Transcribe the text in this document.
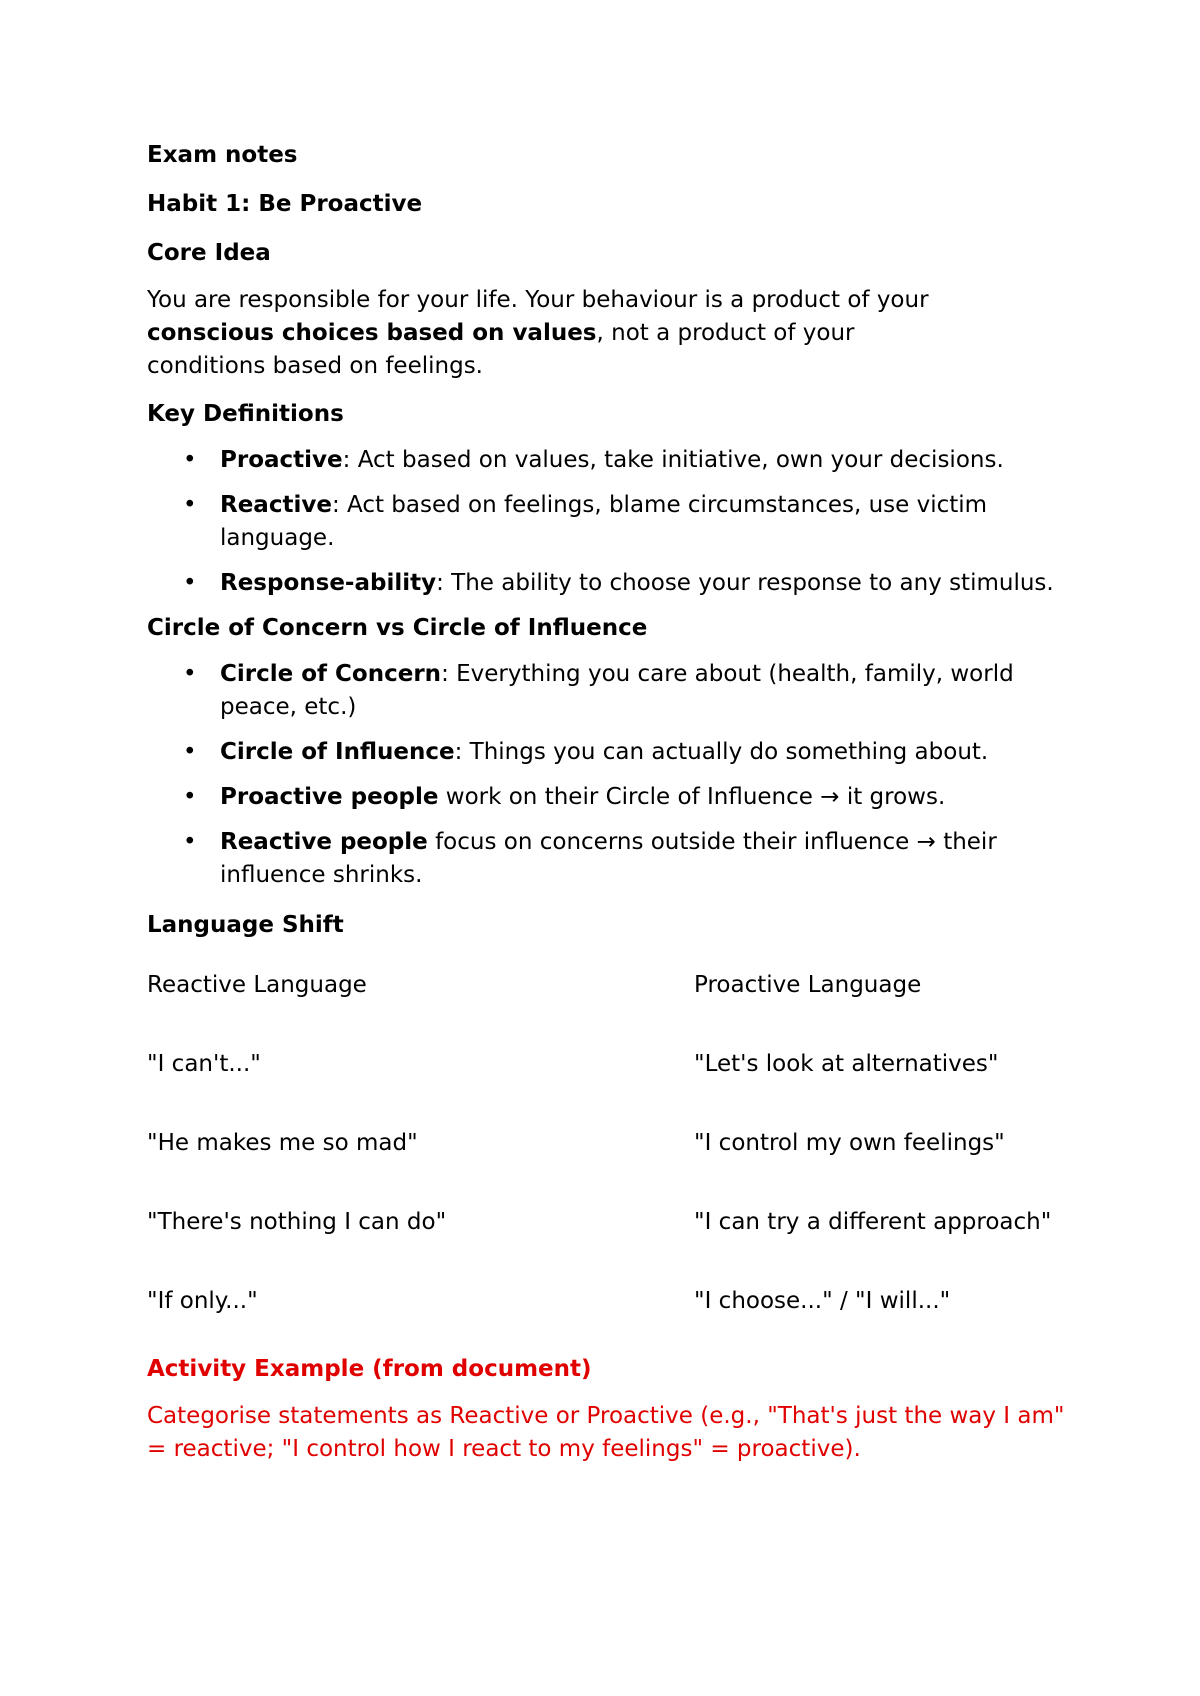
Exam notes

Habit 1: Be Proactive

Core Idea

You are responsible for your life. Your behaviour is a product of your conscious choices based on values, not a product of your conditions based on feelings.

Key Definitions

• Proactive: Act based on values, take initiative, own your decisions.
• Reactive: Act based on feelings, blame circumstances, use victim language.
• Response-ability: The ability to choose your response to any stimulus.

Circle of Concern vs Circle of Influence

• Circle of Concern: Everything you care about (health, family, world peace, etc.)
• Circle of Influence: Things you can actually do something about.
• Proactive people work on their Circle of Influence → it grows.
• Reactive people focus on concerns outside their influence → their influence shrinks.

Language Shift

Reactive Language	Proactive Language
"I can't..."	"Let's look at alternatives"
"He makes me so mad"	"I control my own feelings"
"There's nothing I can do"	"I can try a different approach"
"If only..."	"I choose..." / "I will..."

Activity Example (from document)

Categorise statements as Reactive or Proactive (e.g., "That's just the way I am" = reactive; "I control how I react to my feelings" = proactive).
